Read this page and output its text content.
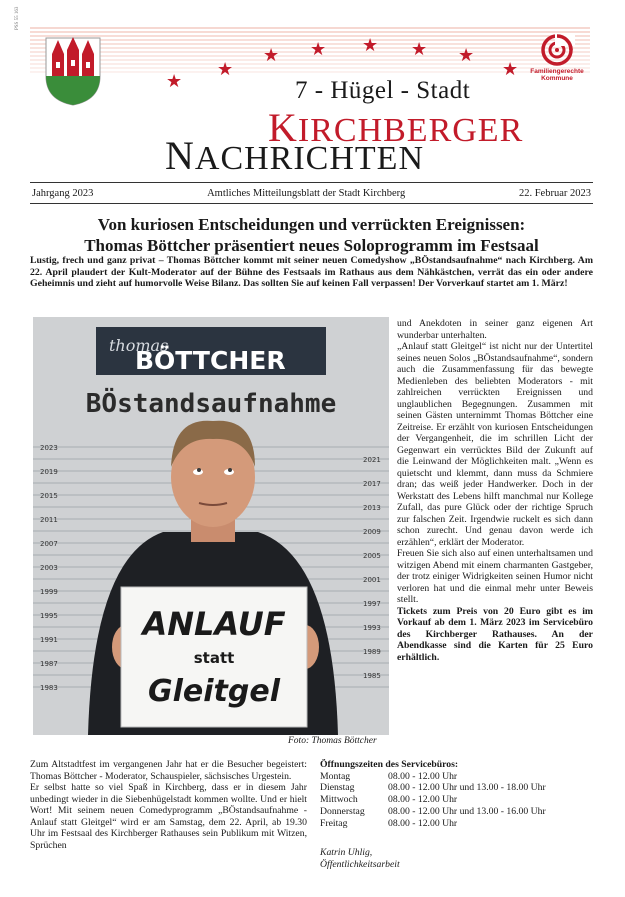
★
★
★ ★ ★ ★ ★
★
PSS 55 163
Familiengerechte
Kommune
7 - Hügel - Stadt
KIRCHBERGER
NACHRICHTEN
Jahrgang 2023	Amtliches Mitteilungsblatt der Stadt Kirchberg	22. Februar 2023
Von kuriosen Entscheidungen und verrückten Ereignissen:
Thomas Böttcher präsentiert neues Soloprogramm im Festsaal
Lustig, frech und ganz privat – Thomas Böttcher kommt mit seiner neuen Comedyshow „BÖstandsaufnahme“ nach Kirchberg. Am 22. April plaudert der Kult-Moderator auf der Bühne des Festsaals im Rathaus aus dem Nähkästchen, verrät das ein oder andere Geheimnis und zieht auf humorvolle Weise Bilanz. Das sollten Sie auf keinen Fall verpassen! Der Vorverkauf startet am 1. März!
thomas
BÖTTCHER
BÖstandsaufnahme
2023
2019
2015
2011
2007
2003
1999
1995
1991
1987
1983
2021
2017
2013
2009
2005
2001
1997
1993
1989
1985
ANLAUF
statt
Gleitgel
Foto: Thomas Böttcher

und Anekdoten in seiner ganz eigenen Art wunderbar unterhalten.

„Anlauf statt Gleitgel“ ist nicht nur der Untertitel seines neuen Solos „BÖstandsaufnahme“, sondern auch die Zusammenfassung für das bewegte Medienleben des beliebten Moderators - mit zahlreichen verrückten Ereignissen und unglaublichen Begegnungen. Zusammen mit seinen Gästen unternimmt Thomas Böttcher eine Zeitreise. Er erzählt von kuriosen Entscheidungen der Vergangenheit, die im schrillen Licht der Gegenwart ein verrücktes Bild der Zukunft auf die Leinwand der Möglichkeiten malt. „Wenn es quietscht und klemmt, dann muss da Schmiere dran; das weiß jeder Handwerker. Doch in der Werkstatt des Lebens hilft manchmal nur Kollege Zufall, das pure Glück oder der richtige Spruch zur falschen Zeit. Irgendwie ruckelt es sich dann schon zurecht. Und genau davon werde ich erzählen“, erklärt der Moderator.

Freuen Sie sich also auf einen unterhaltsamen und witzigen Abend mit einem charmanten Gastgeber, der trotz einiger Widrigkeiten seinen Humor nicht verloren hat und die einmal mehr unter Beweis stellt.

Tickets zum Preis von 20 Euro gibt es im Vorkauf ab dem 1. März 2023 im Servicebüro des Kirchberger Rathauses. An der Abendkasse sind die Karten für 25 Euro erhältlich.

Zum Altstadtfest im vergangenen Jahr hat er die Besucher begeistert: Thomas Böttcher - Moderator, Schauspieler, sächsisches Urgestein.

Er selbst hatte so viel Spaß in Kirchberg, dass er in diesem Jahr unbedingt wieder in die Siebenhügelstadt kommen wollte. Und er hielt Wort! Mit seinem neuen Comedyprogramm „BÖstandsaufnahme - Anlauf statt Gleitgel“ wird er am Samstag, dem 22. April, ab 19.30 Uhr im Festsaal des Kirchberger Rathauses sein Publikum mit Witzen, Sprüchen

Öffnungszeiten des Servicebüros:
Montag	08.00 - 12.00 Uhr
Dienstag	08.00 - 12.00 Uhr und 13.00 - 18.00 Uhr
Mittwoch	08.00 - 12.00 Uhr
Donnerstag	08.00 - 12.00 Uhr und 13.00 - 16.00 Uhr
Freitag	08.00 - 12.00 Uhr
Katrin Uhlig,
Öffentlichkeitsarbeit
